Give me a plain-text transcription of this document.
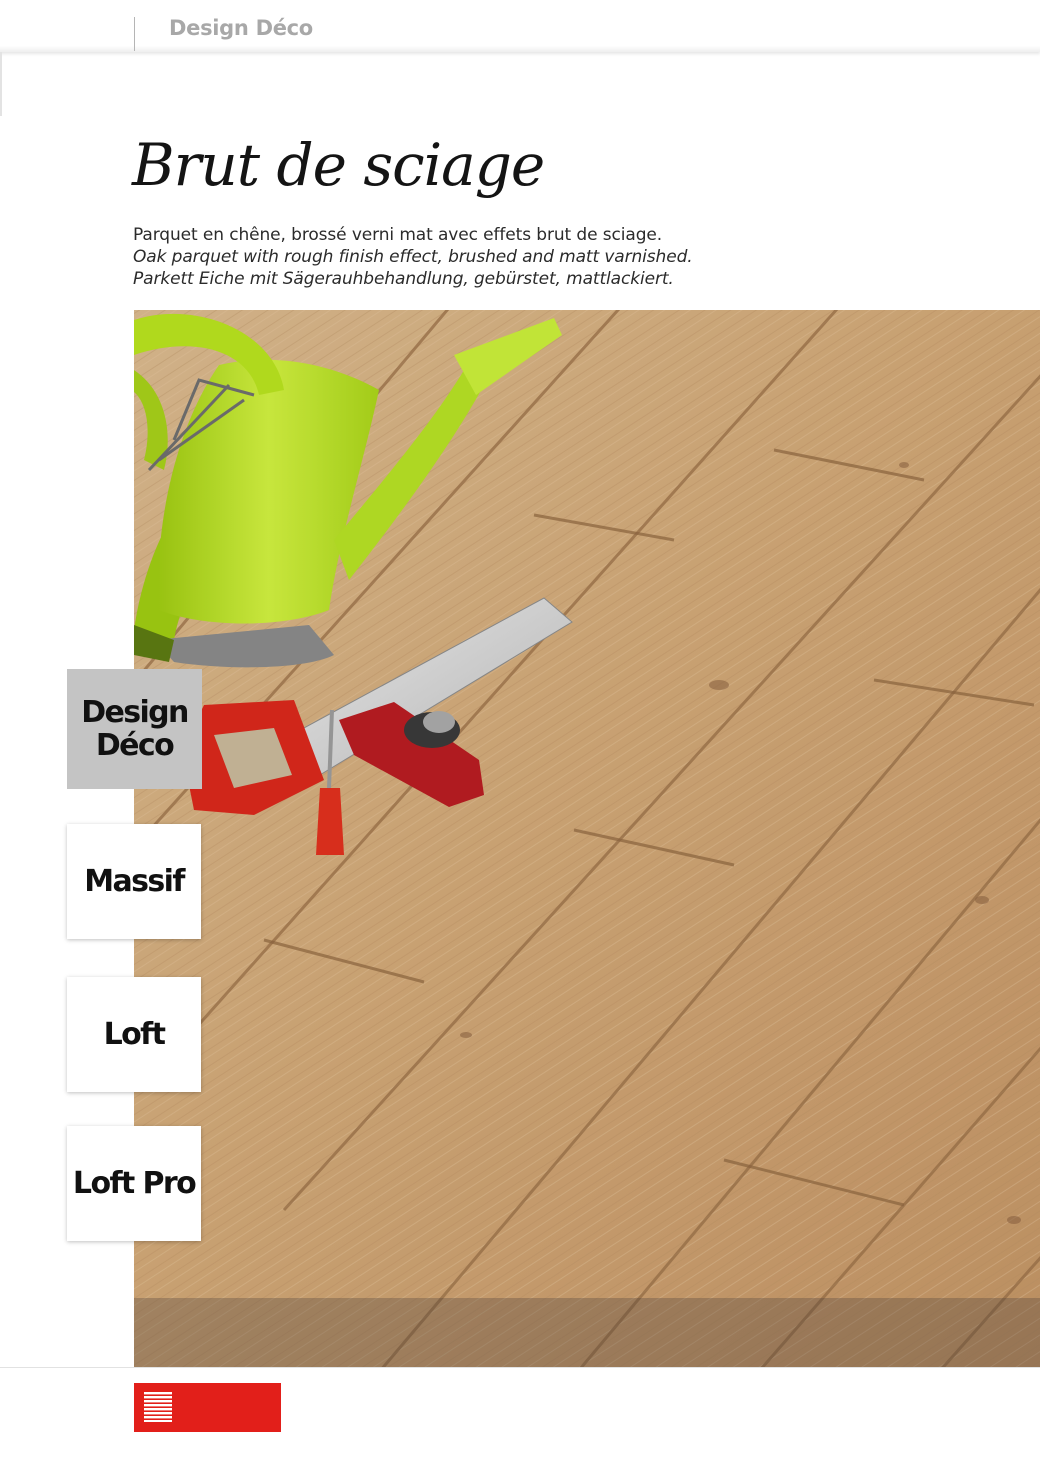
Design Déco
Brut de sciage
Parquet en chêne, brossé verni mat avec effets brut de sciage.
Oak parquet with rough finish effect, brushed and matt varnished.
Parkett Eiche mit Sägerauhbehandlung, gebürstet, mattlackiert.
Design
Déco
Massif
Loft
Loft Pro
